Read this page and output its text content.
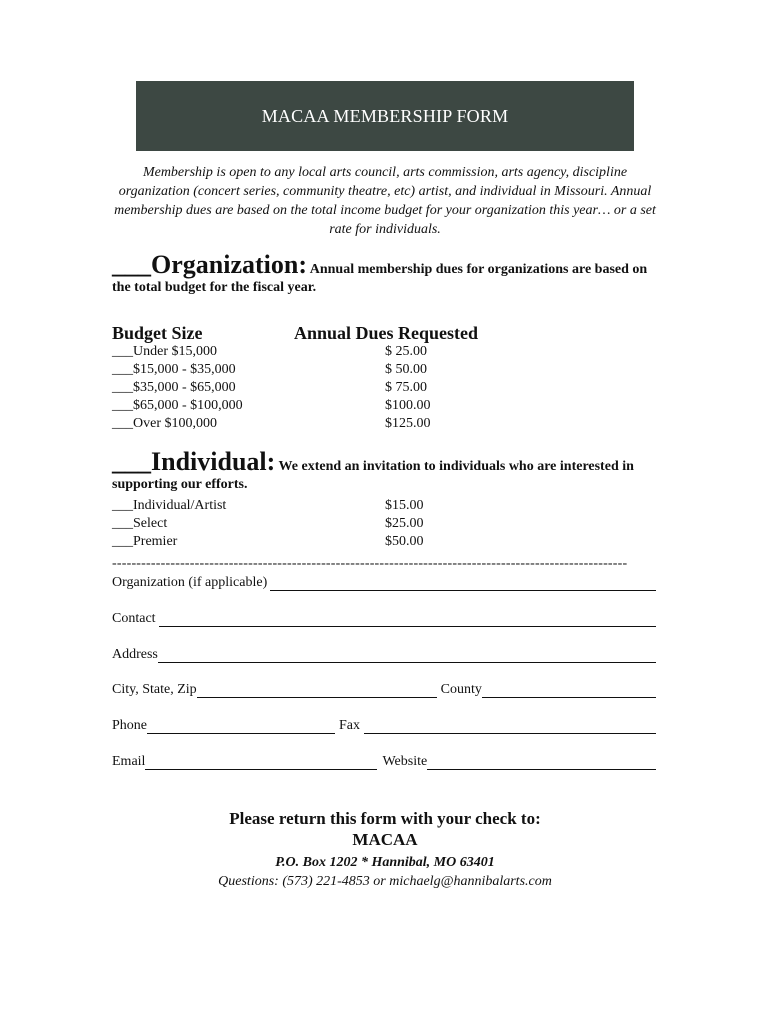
MACAA MEMBERSHIP FORM
Membership is open to any local arts council, arts commission, arts agency, discipline organization (concert series, community theatre, etc) artist, and individual in Missouri. Annual membership dues are based on the total income budget for your organization this year… or a set rate for individuals.
___Organization: Annual membership dues for organizations are based on the total budget for the fiscal year.
Budget Size	Annual Dues Requested
___Under $15,000	$ 25.00
___$15,000 - $35,000	$ 50.00
___$35,000 - $65,000	$ 75.00
___$65,000 - $100,000	$100.00
___Over $100,000	$125.00
___Individual: We extend an invitation to individuals who are interested in supporting our efforts.
___Individual/Artist	$15.00
___Select	$25.00
___Premier	$50.00
----------------------------------------------------------------------------------------------------------
Organization (if applicable)
Contact
Address
City, State, Zip	County
Phone	Fax
Email	Website
Please return this form with your check to:
MACAA
P.O. Box 1202 * Hannibal, MO 63401
Questions: (573) 221-4853 or michaelg@hannibalarts.com
